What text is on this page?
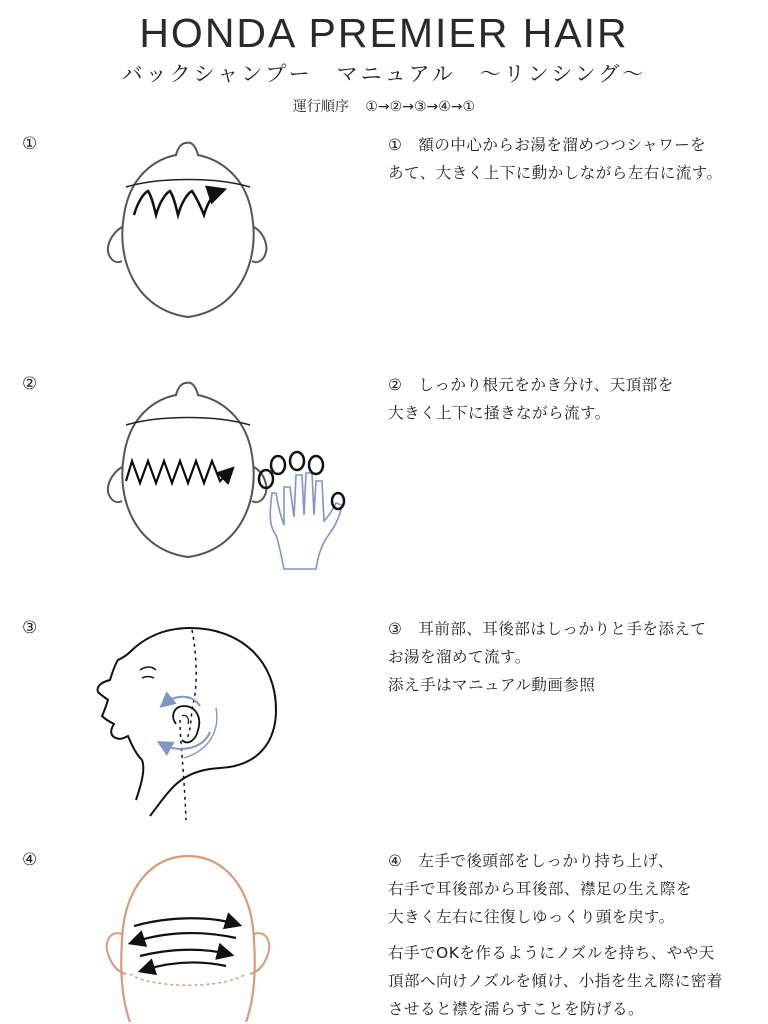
HONDA PREMIER HAIR
バックシャンプー　マニュアル　～リンシング～
運行順序 ①→②→③→④→①
①	①　額の中心からお湯を溜めつつシャワーを

あて、大きく上下に動かしながら左右に流す。

②	②　しっかり根元をかき分け、天頂部を

大きく上下に掻きながら流す。

③	③　耳前部、耳後部はしっかりと手を添えて

お湯を溜めて流す。

添え手はマニュアル動画参照

④	④　左手で後頭部をしっかり持ち上げ、

右手で耳後部から耳後部、襟足の生え際を

大きく左右に往復しゆっくり頭を戻す。

右手でOKを作るようにノズルを持ち、やや天

頂部へ向けノズルを傾け、小指を生え際に密着

させると襟を濡らすことを防げる。
